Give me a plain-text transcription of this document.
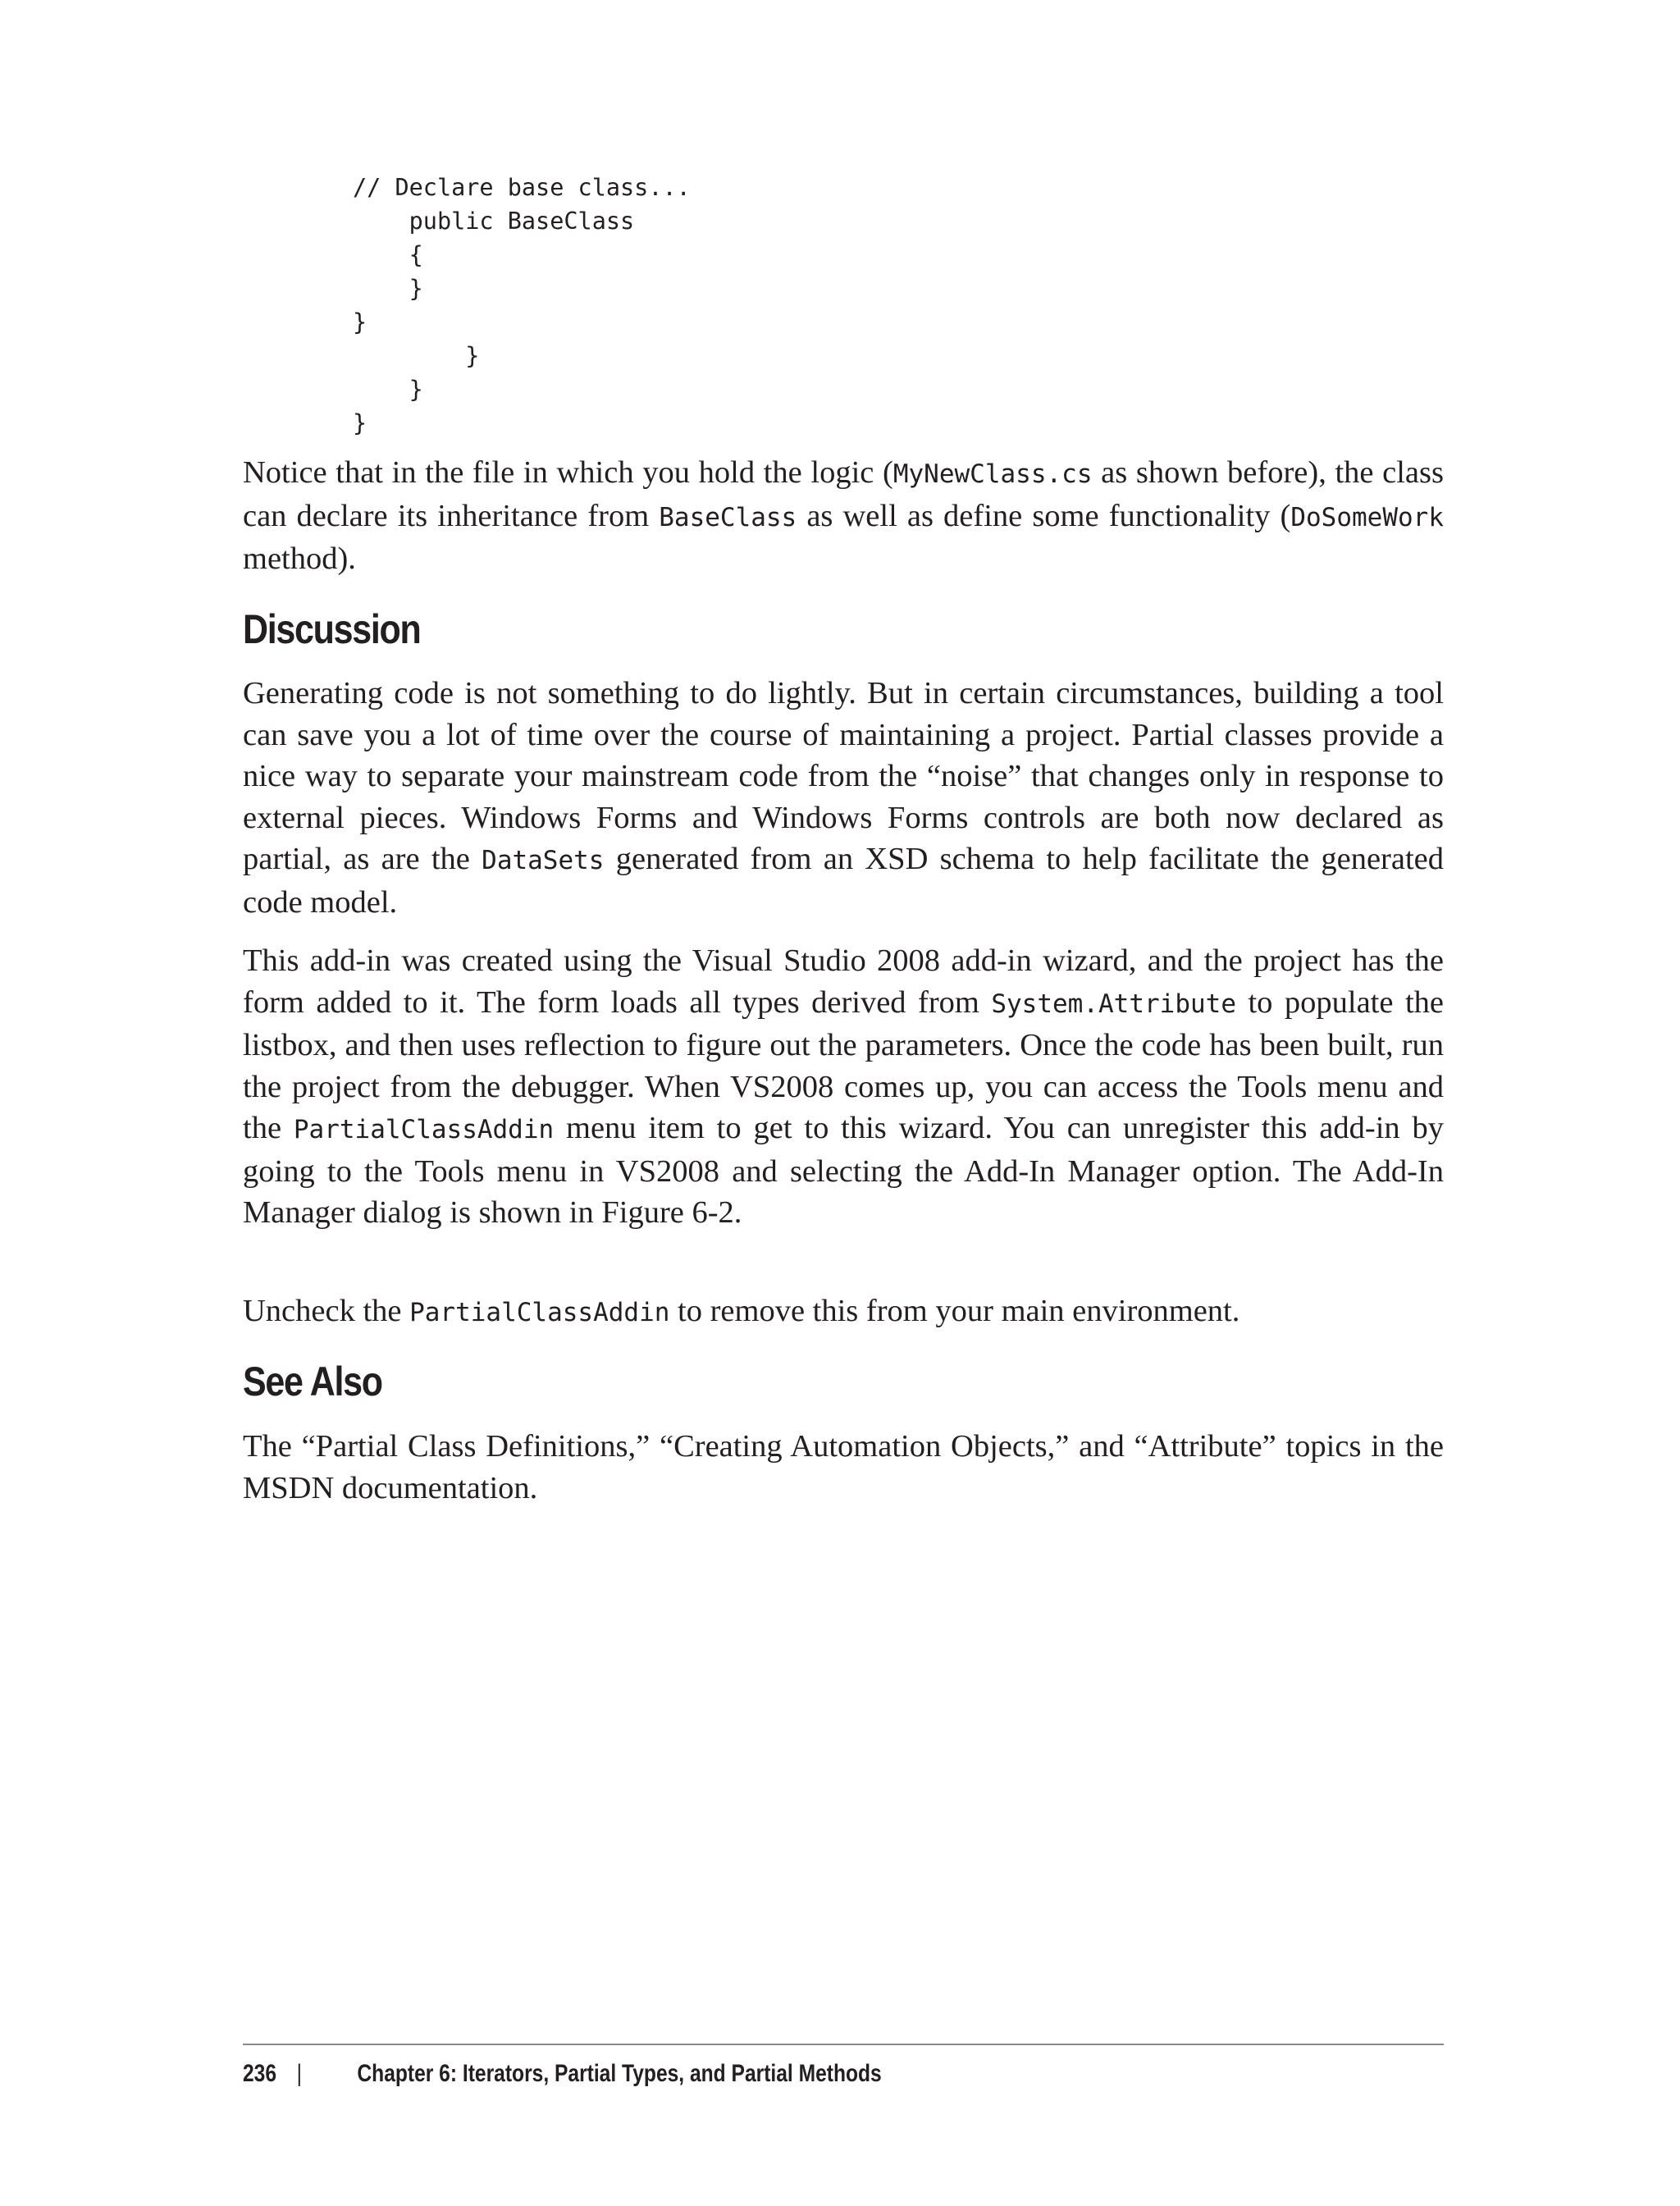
// Declare base class...
public BaseClass
{
}
}
}
}
}

Notice that in the file in which you hold the logic (MyNewClass.cs as shown before), the class can declare its inheritance from BaseClass as well as define some functionality (DoSomeWork method).

Discussion

Generating code is not something to do lightly. But in certain circumstances, building a tool can save you a lot of time over the course of maintaining a project. Partial classes provide a nice way to separate your mainstream code from the “noise” that changes only in response to external pieces. Windows Forms and Windows Forms controls are both now declared as partial, as are the DataSets generated from an XSD schema to help facilitate the generated code model.

This add-in was created using the Visual Studio 2008 add-in wizard, and the project has the form added to it. The form loads all types derived from System.Attribute to populate the listbox, and then uses reflection to figure out the parameters. Once the code has been built, run the project from the debugger. When VS2008 comes up, you can access the Tools menu and the PartialClassAddin menu item to get to this wizard. You can unregister this add-in by going to the Tools menu in VS2008 and selecting the Add-In Manager option. The Add-In Manager dialog is shown in Figure 6-2.

Uncheck the PartialClassAddin to remove this from your main environment.

See Also

The “Partial Class Definitions,” “Creating Automation Objects,” and “Attribute” topics in the MSDN documentation.

236 | Chapter 6: Iterators, Partial Types, and Partial Methods
